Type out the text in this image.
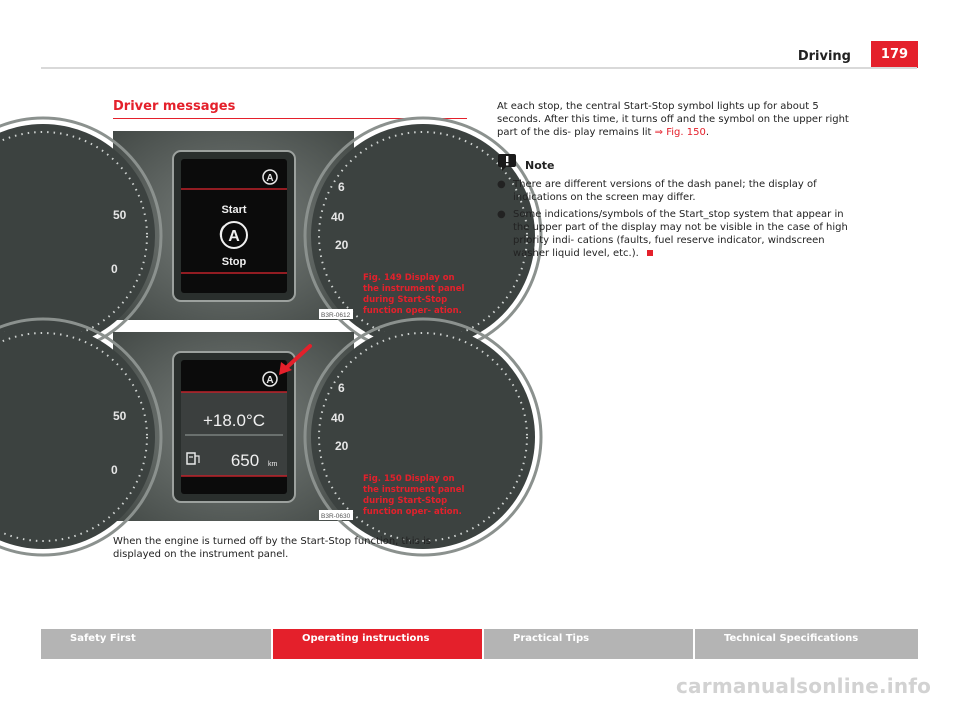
Driving	179
Driver messages
50
0
6
40
20
A
Start
A
Stop
B3R-0612
Fig. 149 Display on the instrument panel during Start-Stop function oper- ation.
50
0
6
40
20
A
+18.0°C
650 km
B3R-0630
Fig. 150 Display on the instrument panel during Start-Stop function oper- ation.
When the engine is turned off by the Start-Stop function, this is displayed on the instrument panel.
At each stop, the central Start-Stop symbol lights up for about 5 seconds. After this time, it turns off and the symbol on the upper right part of the dis- play remains lit ⇒ Fig. 150.
Note
● There are different versions of the dash panel; the display of indications on the screen may differ.
● Some indications/symbols of the Start_stop system that appear in the upper part of the display may not be visible in the case of high priority indi- cations (faults, fuel reserve indicator, windscreen washer liquid level, etc.).
Safety First	Operating instructions	Practical Tips	Technical Specifications
carmanualsonline.info
